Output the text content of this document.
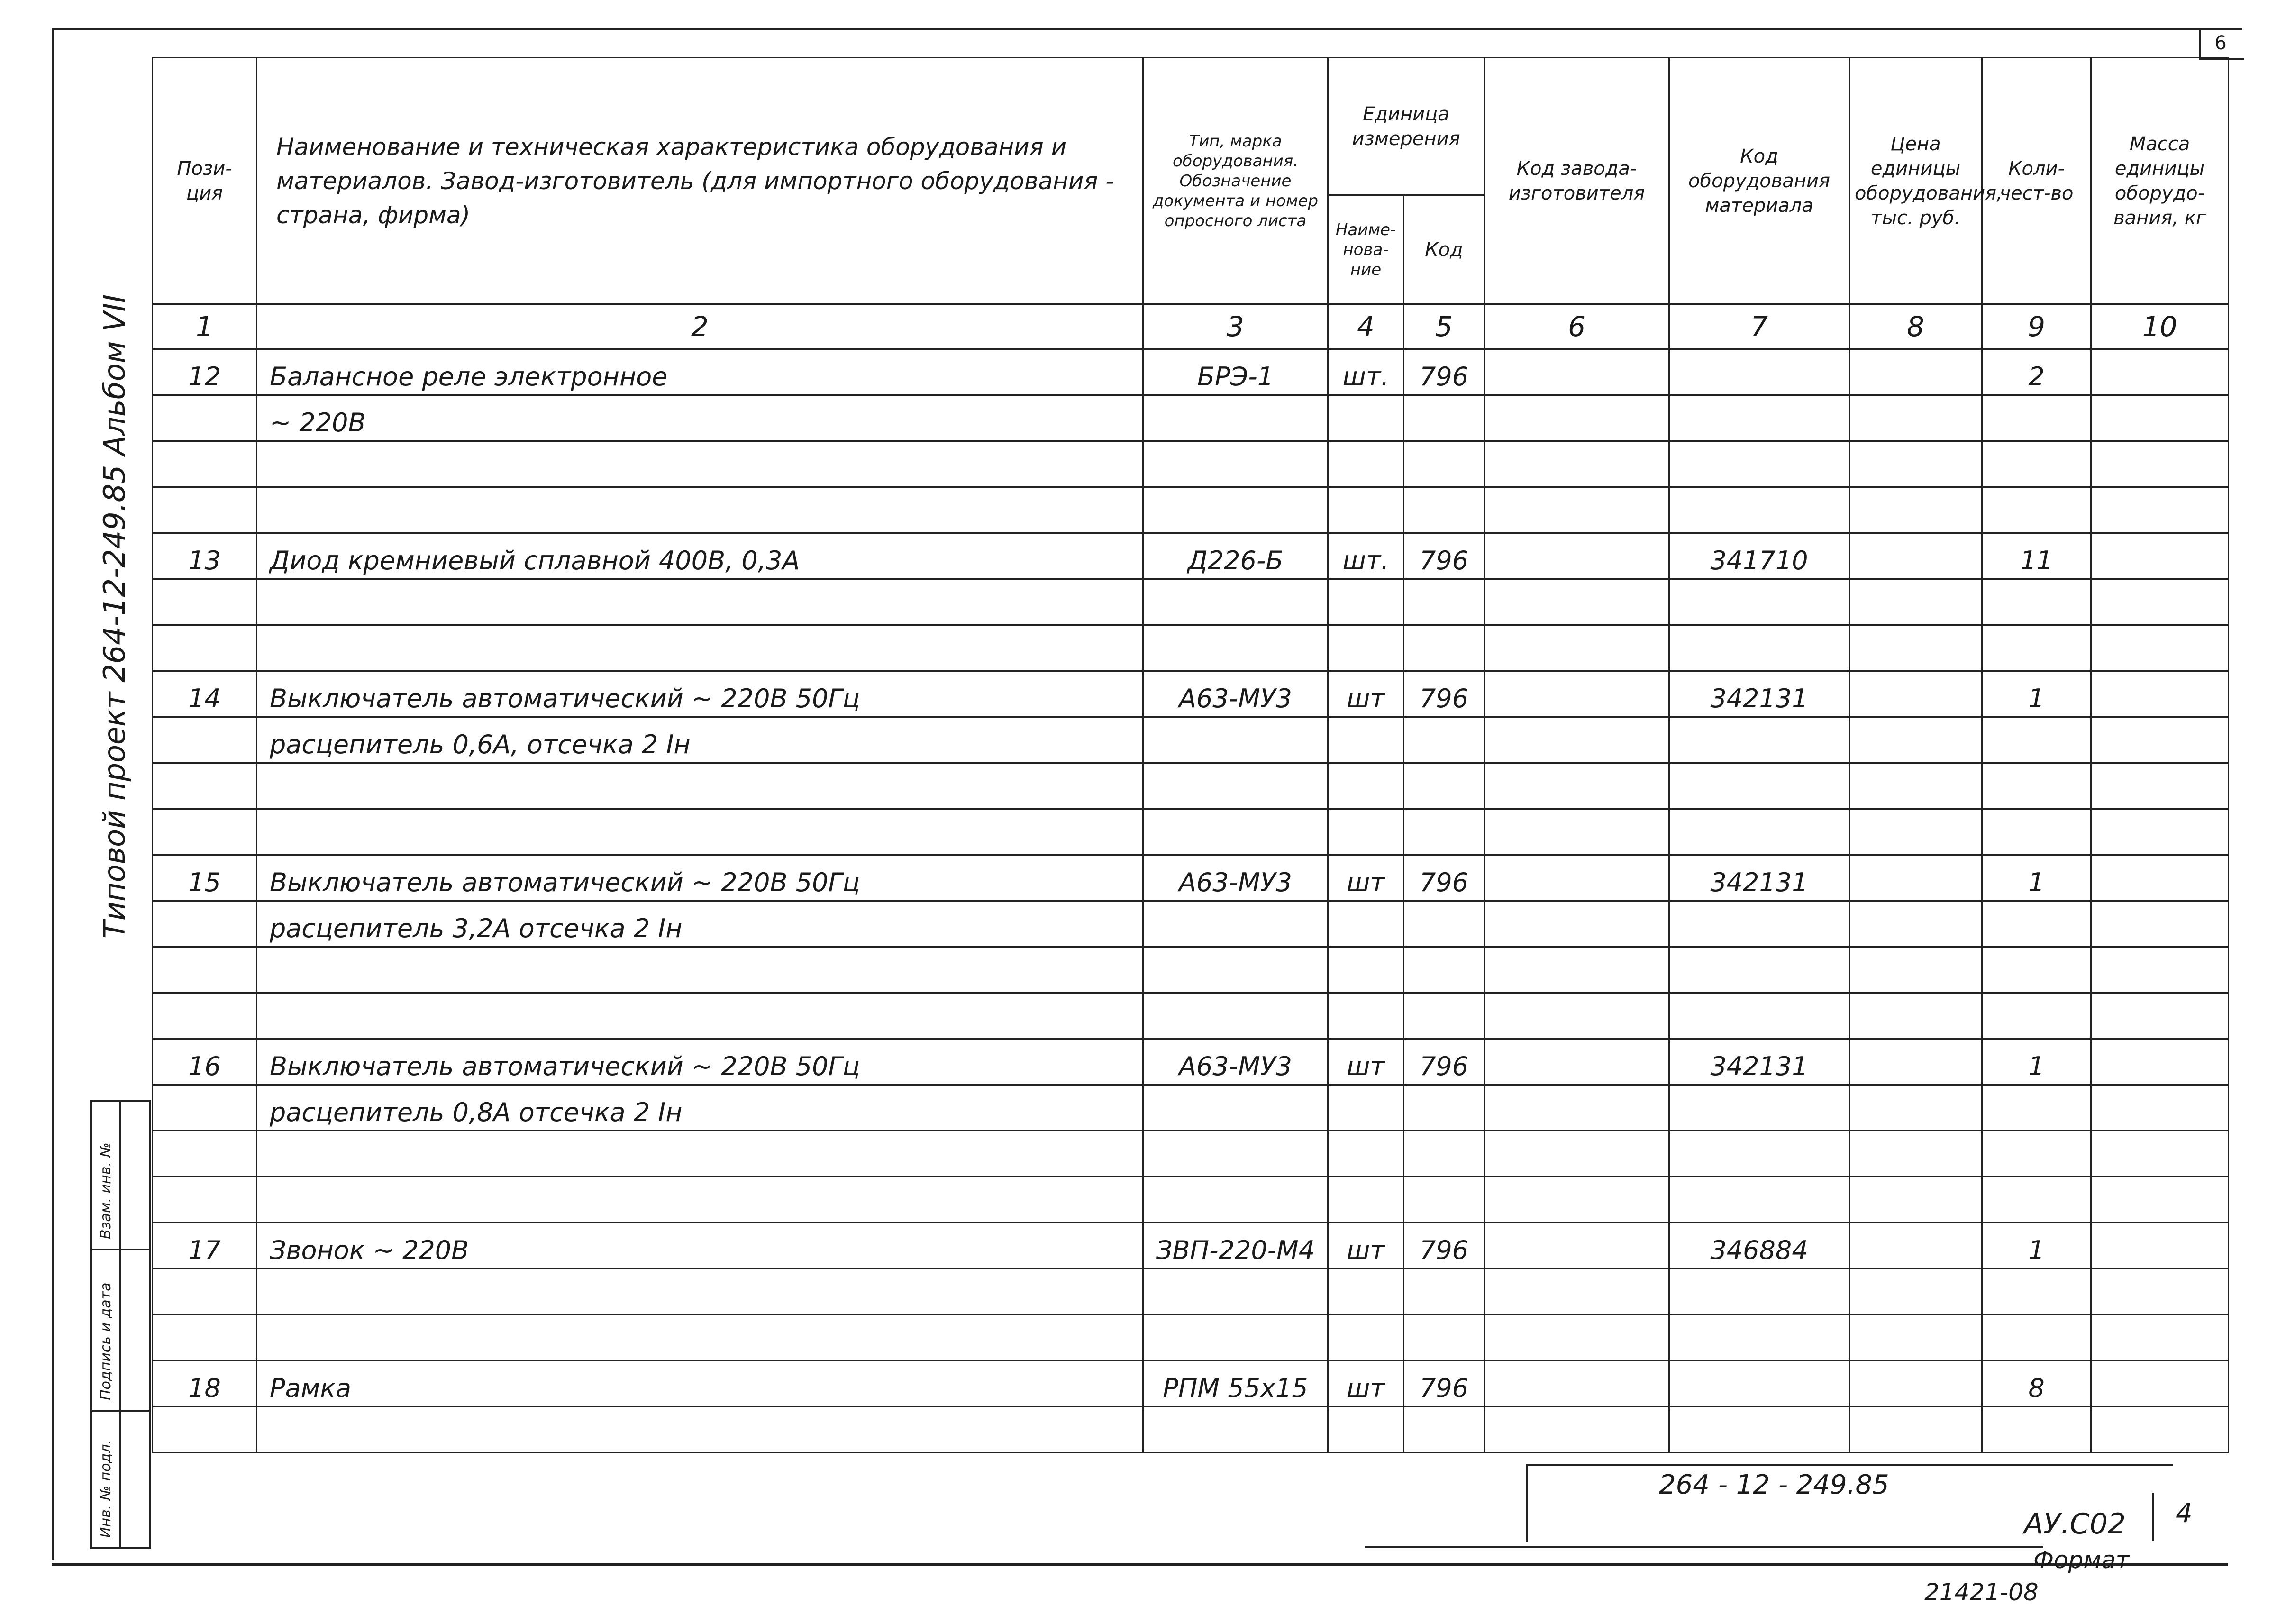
6
Типовой проект 264-12-249.85 Альбом VII
Пози- ция	Наименование и техническая характеристика оборудования и материалов. Завод-изготовитель (для импортного оборудования - страна, фирма)	Тип, марка оборудования. Обозначение документа и номер опросного листа	Единица измерения		Код завода-изготовителя	Код оборудования материала	Цена единицы оборудования, тыс. руб.	Коли-чест-во	Масса единицы оборудо-вания, кг
			Наиме-нова-ние	Код					
1	2	3	4	5	6	7	8	9	10
12	Балансное реле электронное	БРЭ-1	шт.	796				2	
	~ 220В								

13	Диод кремниевый сплавной 400В, 0,3А	Д226-Б	шт.	796		341710		11	

14	Выключатель автоматический ~ 220В 50Гц	А63-МУ3	шт	796		342131		1	
	расцепитель 0,6А, отсечка 2 Iн								

15	Выключатель автоматический ~ 220В 50Гц	А63-МУ3	шт	796		342131		1	
	расцепитель 3,2А отсечка 2 Iн								

16	Выключатель автоматический ~ 220В 50Гц	А63-МУ3	шт	796		342131		1	
	расцепитель 0,8А отсечка 2 Iн								

17	Звонок ~ 220В	ЗВП-220-М4	шт	796		346884		1	

18	Рамка	РПМ 55х15	шт	796				8	

Взам. инв. №
Подпись и дата
Инв. № подл.	264 - 12 - 249.85
АУ.С02 4
Формат
21421-08
